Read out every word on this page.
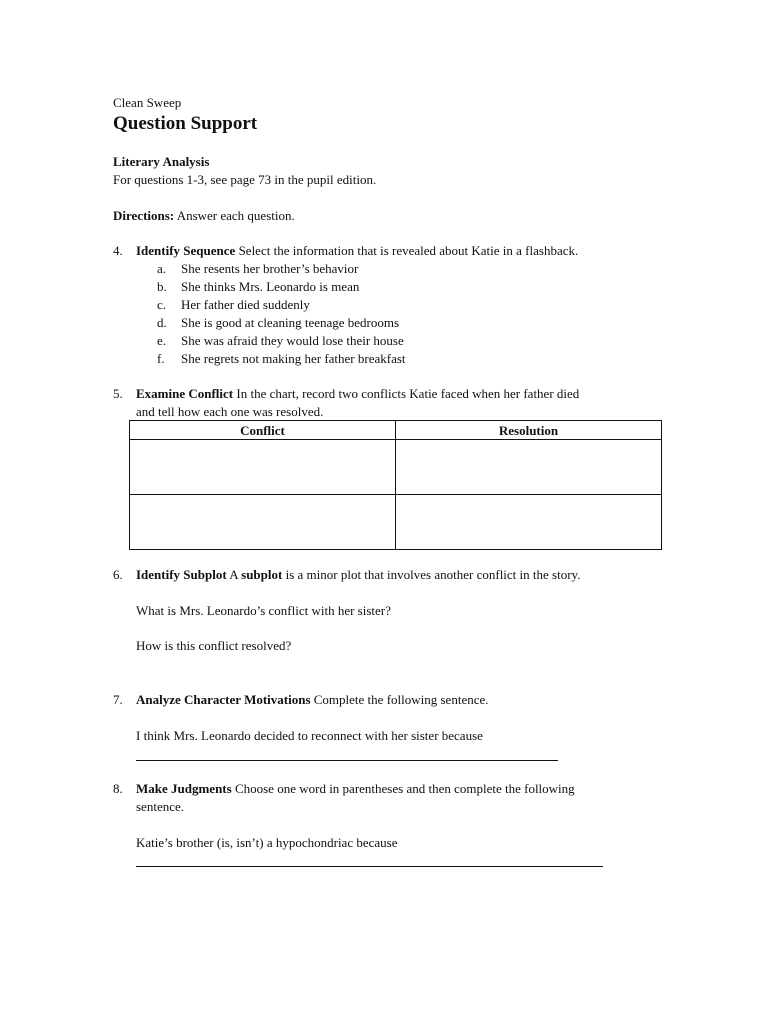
Clean Sweep
Question Support
Literary Analysis
For questions 1-3, see page 73 in the pupil edition.
Directions: Answer each question.
4. Identify Sequence Select the information that is revealed about Katie in a flashback.
a. She resents her brother’s behavior
b. She thinks Mrs. Leonardo is mean
c. Her father died suddenly
d. She is good at cleaning teenage bedrooms
e. She was afraid they would lose their house
f. She regrets not making her father breakfast
5. Examine Conflict In the chart, record two conflicts Katie faced when her father died
and tell how each one was resolved.
Conflict	Resolution

6. Identify Subplot A subplot is a minor plot that involves another conflict in the story.
What is Mrs. Leonardo’s conflict with her sister?
How is this conflict resolved?
7. Analyze Character Motivations Complete the following sentence.
I think Mrs. Leonardo decided to reconnect with her sister because
8. Make Judgments Choose one word in parentheses and then complete the following
sentence.
Katie’s brother (is, isn’t) a hypochondriac because
